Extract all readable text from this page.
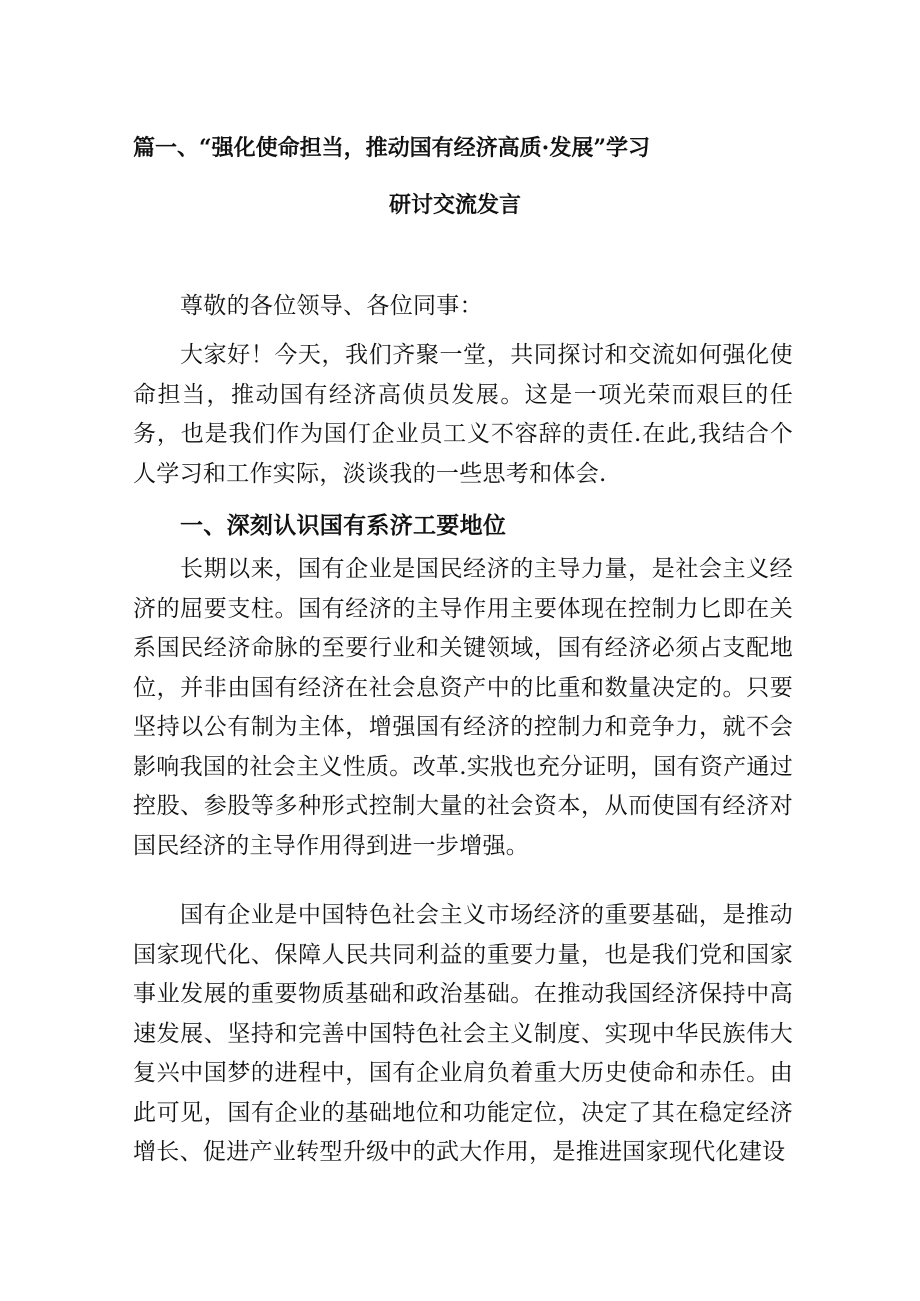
篇一、“强化使命担当，推动国有经济高质·发展”学习
研讨交流发言
尊敬的各位领导、各位同事：
大家好！今天，我们齐聚一堂，共同探讨和交流如何强化使命担当，推动国有经济高侦员发展。这是一项光荣而艰巨的任务，也是我们作为国仃企业员工义不容辞的责任.在此,我结合个人学习和工作实际，淡谈我的一些思考和体会.
一、深刻认识国有系济工要地位
长期以来，国有企业是国民经济的主导力量，是社会主义经济的屈要支柱。国有经济的主导作用主要体现在控制力匕即在关系国民经济命脉的至要行业和关键领域，国有经济必须占支配地位，并非由国有经济在社会息资产中的比重和数量决定的。只要坚持以公有制为主体，增强国有经济的控制力和竞争力，就不会影响我国的社会主义性质。改革.实戕也充分证明，国有资产通过控股、参股等多种形式控制大量的社会资本，从而使国有经济对国民经济的主导作用得到进一步增强。
国有企业是中国特色社会主义市场经济的重要基础，是推动国家现代化、保障人民共同利益的重要力量，也是我们党和国家事业发展的重要物质基础和政治基础。在推动我国经济保持中高速发展、坚持和完善中国特色社会主义制度、实现中华民族伟大复兴中国梦的进程中，国有企业肩负着重大历史使命和赤任。由此可见，国有企业的基础地位和功能定位，决定了其在稳定经济增长、促进产业转型升级中的武大作用，是推进国家现代化建设
